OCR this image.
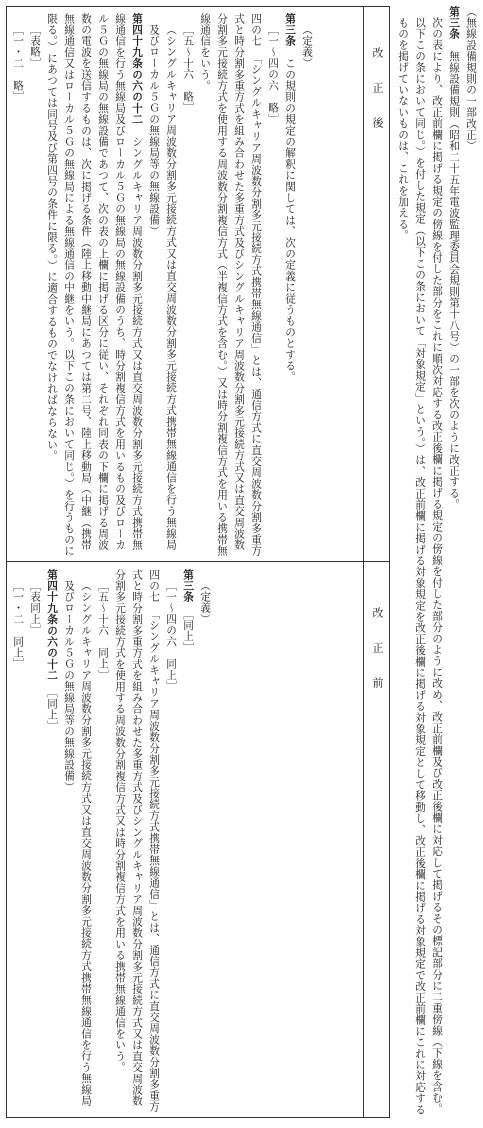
（無線設備規則の一部改正）

第三条　無線設備規則（昭和二十五年電波監理委員会規則第十八号）の一部を次のように改正する。

次の表により、改正前欄に掲げる規定の傍線を付した部分をこれに順次対応する改正後欄に掲げる規定の傍線を付した部分のように改め、改正前欄及び改正後欄に対応して掲げるその標記部分に二重傍線（下線を含む。以下この条において同じ。）を付した規定（以下この条において「対象規定」という。）は、改正前欄に掲げる対象規定を改正後欄に掲げる対象規定として移動し、改正後欄に掲げる対象規定で改正前欄にこれに対応するものを掲げていないものは、これを加える。

改正後
改正前

（定義）

第三条　この規則の規定の解釈に関しては、次の定義に従うものとする。

［一～四の六　略］

四の七　「シングルキャリア周波数分割多元接続方式携帯無線通信」とは、通信方式に直交周波数分割多重方式と時分割多重方式を組み合わせた多重方式及びシングルキャリア周波数分割多元接続方式又は直交周波数分割多元接続方式を使用する周波数分割複信方式（半複信方式を含む。）又は時分割複信方式を用いる携帯無線通信をいう。

［五～十六　略］

（シングルキャリア周波数分割多元接続方式又は直交周波数分割多元接続方式携帯無線通信を行う無線局及びローカル５Ｇの無線局等の無線設備）

第四十九条の六の十二　シングルキャリア周波数分割多元接続方式又は直交周波数分割多元接続方式携帯無線通信を行う無線局及びローカル５Ｇの無線局の無線設備のうち、時分割複信方式を用いるもの及びローカル５Ｇの無線局の無線設備であつて、次の表の上欄に掲げる区分に従い、それぞれ同表の下欄に掲げる周波数の電波を送信するものは、次に掲げる条件（陸上移動中継局にあつては第二号、陸上移動局（中継（携帯無線通信又はローカル５Ｇの無線局による無線通信の中継をいう。以下この条において同じ。）を行うものに限る。）にあつては同号及び第四号の条件に限る。）に適合するものでなければならない。

［表略］

［一・二　略］

（定義）

第三条　［同上］

［一～四の六　同上］

四の七　「シングルキャリア周波数分割多元接続方式携帯無線通信」とは、通信方式に直交周波数分割多重方式と時分割多重方式を組み合わせた多重方式及びシングルキャリア周波数分割多元接続方式又は直交周波数分割多元接続方式を使用する周波数分割複信方式又は時分割複信方式を用いる携帯無線通信をいう。

［五～十六　同上］

（シングルキャリア周波数分割多元接続方式又は直交周波数分割多元接続方式携帯無線通信を行う無線局及びローカル５Ｇの無線局等の無線設備）

第四十九条の六の十二　［同上］

［表同上］

［一・二　同上］
